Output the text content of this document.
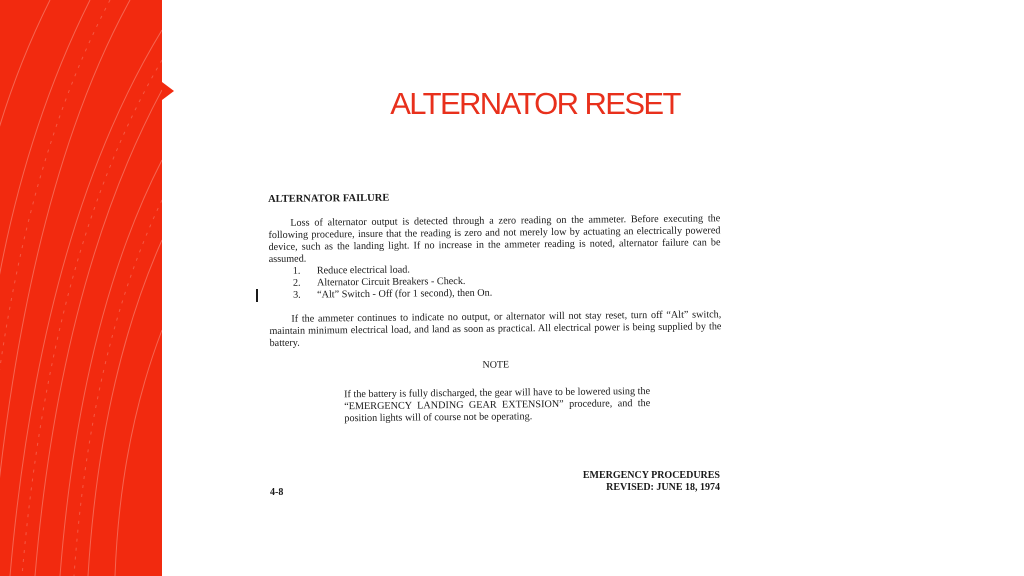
ALTERNATOR RESET

ALTERNATOR FAILURE

Loss of alternator output is detected through a zero reading on the ammeter. Before executing the following procedure, insure that the reading is zero and not merely low by actuating an electrically powered device, such as the landing light. If no increase in the ammeter reading is noted, alternator failure can be assumed.

1.	Reduce electrical load.
2.	Alternator Circuit Breakers - Check.
3.	“Alt” Switch - Off (for 1 second), then On.

If the ammeter continues to indicate no output, or alternator will not stay reset, turn off “Alt” switch, maintain minimum electrical load, and land as soon as practical. All electrical power is being supplied by the battery.

NOTE

If the battery is fully discharged, the gear will have to be lowered using the “EMERGENCY LANDING GEAR EXTENSION” procedure, and the position lights will of course not be operating.

4-8
EMERGENCY PROCEDURES
REVISED: JUNE 18, 1974
